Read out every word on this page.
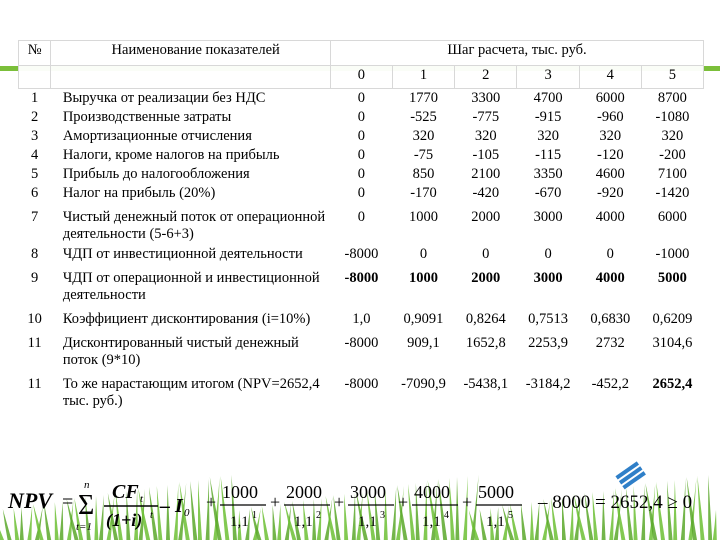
№	Наименование показателей	Шаг расчета, тыс. руб.					
		0	1	2	3	4	5
1	Выручка от реализации без НДС	0	1770	3300	4700	6000	8700
2	Производственные затраты	0	-525	-775	-915	-960	-1080
3	Амортизационные отчисления	0	320	320	320	320	320
4	Налоги, кроме налогов на прибыль	0	-75	-105	-115	-120	-200
5	Прибыль до налогообложения	0	850	2100	3350	4600	7100
6	Налог на прибыль (20%)	0	-170	-420	-670	-920	-1420
7	Чистый денежный поток от операционной деятельности (5-6+3)	0	1000	2000	3000	4000	6000
8	ЧДП от инвестиционной деятельности	-8000	0	0	0	0	-1000
9	ЧДП от операционной и инвестиционной деятельности	-8000	1000	2000	3000	4000	5000
10	Коэффициент дисконтирования (i=10%)	1,0	0,9091	0,8264	0,7513	0,6830	0,6209
11	Дисконтированный чистый денежный поток (9*10)	-8000	909,1	1652,8	2253,9	2732	3104,6
11	То же нарастающим итогом (NPV=2652,4 тыс. руб.)	-8000	-7090,9	-5438,1	-3184,2	-452,2	2652,4
NPV =
n
Σ
t=1
CF t
(1+i) t – I 0
+ 1000
1,1 1
+ 2000
1,1 2
+ 3000
1,1 3
+ 4000
1,1 4
+ 5000
1,1 5
– 8000 = 2652,4 ≥ 0
